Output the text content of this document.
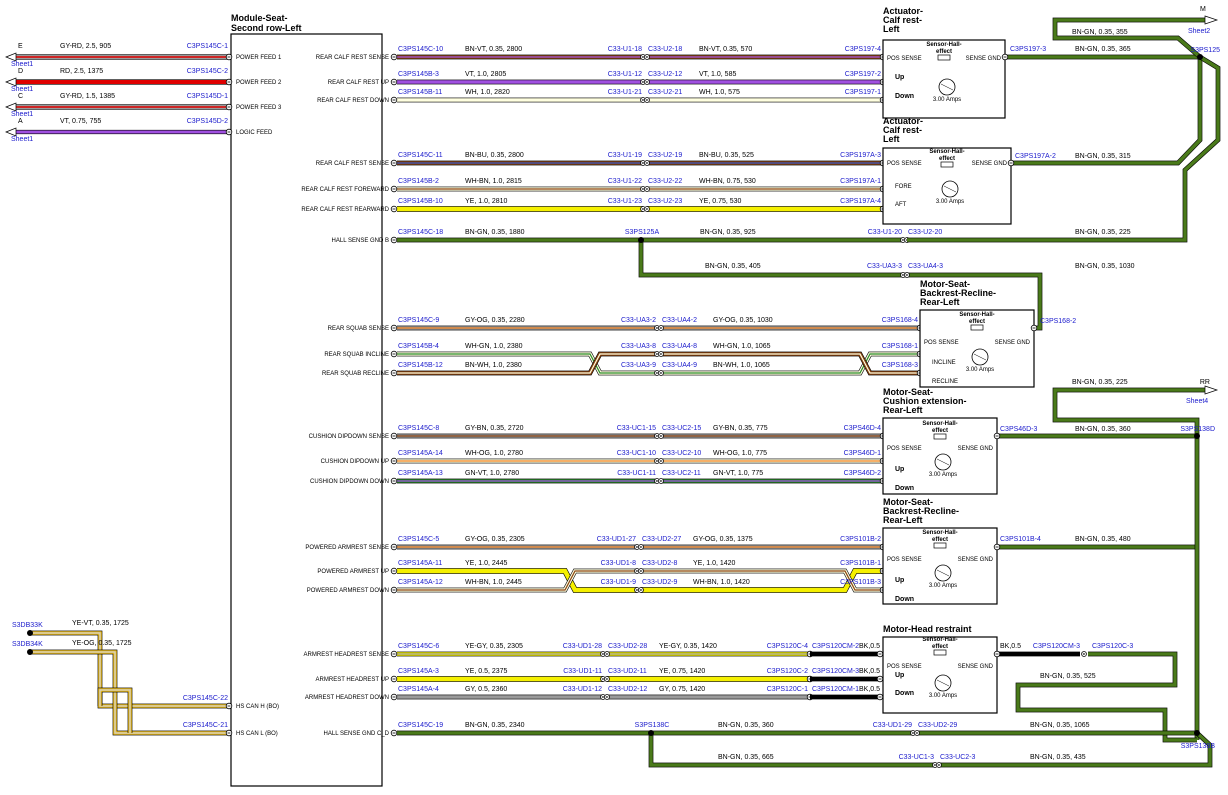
Module-Seat-
Second row-Left
POWER FEED 1
POWER FEED 2
POWER FEED 3
LOGIC FEED
HS CAN H (BO)
HS CAN L (BO)
REAR CALF REST SENSE
REAR CALF REST UP
REAR CALF REST DOWN
REAR CALF REST SENSE
REAR CALF REST FOREWARD
REAR CALF REST REARWARD
HALL SENSE GND B
REAR SQUAB SENSE
REAR SQUAB INCLINE
REAR SQUAB RECLINE
CUSHION DIPDOWN SENSE
CUSHION DIPDOWN UP
CUSHION DIPDOWN DOWN
POWERED ARMREST SENSE
POWERED ARMREST UP
POWERED ARMREST DOWN
ARMREST HEADREST SENSE
ARMREST HEADREST UP
ARMREST HEADREST DOWN
HALL SENSE GND C_D
E	GY-RD, 2.5, 905	C3PS145C-1
Sheet1
D	RD, 2.5, 1375	C3PS145C-2
Sheet1
C	GY-RD, 1.5, 1385	C3PS145D-1
Sheet1
A	VT, 0.75, 755	C3PS145D-2
Sheet1
C3PS145C-10	BN-VT, 0.35, 2800	C33-U1-18 C33-U2-18 BN-VT, 0.35, 570	C3PS197-4
C3PS145B-3	VT, 1.0, 2805	C33-U1-12 C33-U2-12 VT, 1.0, 585	C3PS197-2
C3PS145B-11	WH, 1.0, 2820	C33-U1-21 C33-U2-21 WH, 1.0, 575	C3PS197-1
C3PS145C-11	BN-BU, 0.35, 2800	C33-U1-19 C33-U2-19 BN-BU, 0.35, 525	C3PS197A-3
C3PS145B-2	WH-BN, 1.0, 2815	C33-U1-22 C33-U2-22 WH-BN, 0.75, 530	C3PS197A-1
C3PS145B-10	YE, 1.0, 2810	C33-U1-23 C33-U2-23 YE, 0.75, 530	C3PS197A-4
C3PS145C-9	GY-OG, 0.35, 2280	C33-UA3-2 C33-UA4-2 GY-OG, 0.35, 1030	C3PS168-4
C3PS145B-4	WH-GN, 1.0, 2380	C33-UA3-8 C33-UA4-8 WH-GN, 1.0, 1065	C3PS168-1
C3PS145B-12	BN-WH, 1.0, 2380	C33-UA3-9 C33-UA4-9 BN-WH, 1.0, 1065	C3PS168-3
C3PS145C-8	GY-BN, 0.35, 2720	C33-UC1-15 C33-UC2-15 GY-BN, 0.35, 775	C3PS46D-4
C3PS145A-14	WH-OG, 1.0, 2780	C33-UC1-10 C33-UC2-10 WH-OG, 1.0, 775	C3PS46D-1
C3PS145A-13	GN-VT, 1.0, 2780	C33-UC1-11 C33-UC2-11 GN-VT, 1.0, 775	C3PS46D-2
C3PS145C-5	GY-OG, 0.35, 2305	C33-UD1-27 C33-UD2-27 GY-OG, 0.35, 1375	C3PS101B-2
C3PS145A-11	YE, 1.0, 2445	C33-UD1-8 C33-UD2-8 YE, 1.0, 1420	C3PS101B-1
C3PS145A-12	WH-BN, 1.0, 2445	C33-UD1-9 C33-UD2-9 WH-BN, 1.0, 1420	C3PS101B-3
C3PS145C-6	YE-GY, 0.35, 2305	C33-UD1-28 C33-UD2-28 YE-GY, 0.35, 1420	C3PS120C-4 C3PS120CM-2 BK,0.5
C3PS145A-3	YE, 0.5, 2375	C33-UD1-11 C33-UD2-11 YE, 0.75, 1420	C3PS120C-2 C3PS120CM-3 BK,0.5
C3PS145A-4	GY, 0.5, 2360	C33-UD1-12 C33-UD2-12 GY, 0.75, 1420	C3PS120C-1 C3PS120CM-1 BK,0.5
Actuator-
Calf rest-
Left
Sensor-Hall-
effect
POS SENSE	SENSE GND
3.00 Amps
Up
Down
Actuator-
Calf rest-
Left
Sensor-Hall-
effect
POS SENSE	SENSE GND
3.00 Amps
FORE
AFT
Motor-Seat-
Backrest-Recline-
Rear-Left
Sensor-Hall-
effect
POS SENSE	SENSE GND
3.00 Amps
INCLINE
RECLINE
Motor-Seat-
Cushion extension-
Rear-Left
Sensor-Hall-
effect
POS SENSE	SENSE GND
3.00 Amps
Up
Down
Motor-Seat-
Backrest-Recline-
Rear-Left
Sensor-Hall-
effect
POS SENSE	SENSE GND
3.00 Amps
Up
Down
Motor-Head restraint
Sensor-Hall-
effect
POS SENSE	SENSE GND
3.00 Amps
Up
Down
M
Sheet2
BN-GN, 0.35, 355
S3PS125
C3PS197-3	BN-GN, 0.35, 365
C3PS197A-2	BN-GN, 0.35, 315
C3PS145C-18	BN-GN, 0.35, 1880	S3PS125A	BN-GN, 0.35, 925	C33-U1-20 C33-U2-20	BN-GN, 0.35, 225
BN-GN, 0.35, 405	C33-UA3-3 C33-UA4-3	BN-GN, 0.35, 1030
C3PS168-2
RR
Sheet4
BN-GN, 0.35, 225
S3PS138D
C3PS46D-3	BN-GN, 0.35, 360
C3PS101B-4	BN-GN, 0.35, 480
BK,0.5 C3PS120CM-3 C3PS120C-3
BN-GN, 0.35, 525
C3PS145C-19	BN-GN, 0.35, 2340	S3PS138C	BN-GN, 0.35, 360	C33-UD1-29 C33-UD2-29	BN-GN, 0.35, 1065
S3PS138B
BN-GN, 0.35, 665	C33-UC1-3 C33-UC2-3	BN-GN, 0.35, 435
S3DB33K
S3DB34K
YE-VT, 0.35, 1725
YE-OG, 0.35, 1725
C3PS145C-22
C3PS145C-21
